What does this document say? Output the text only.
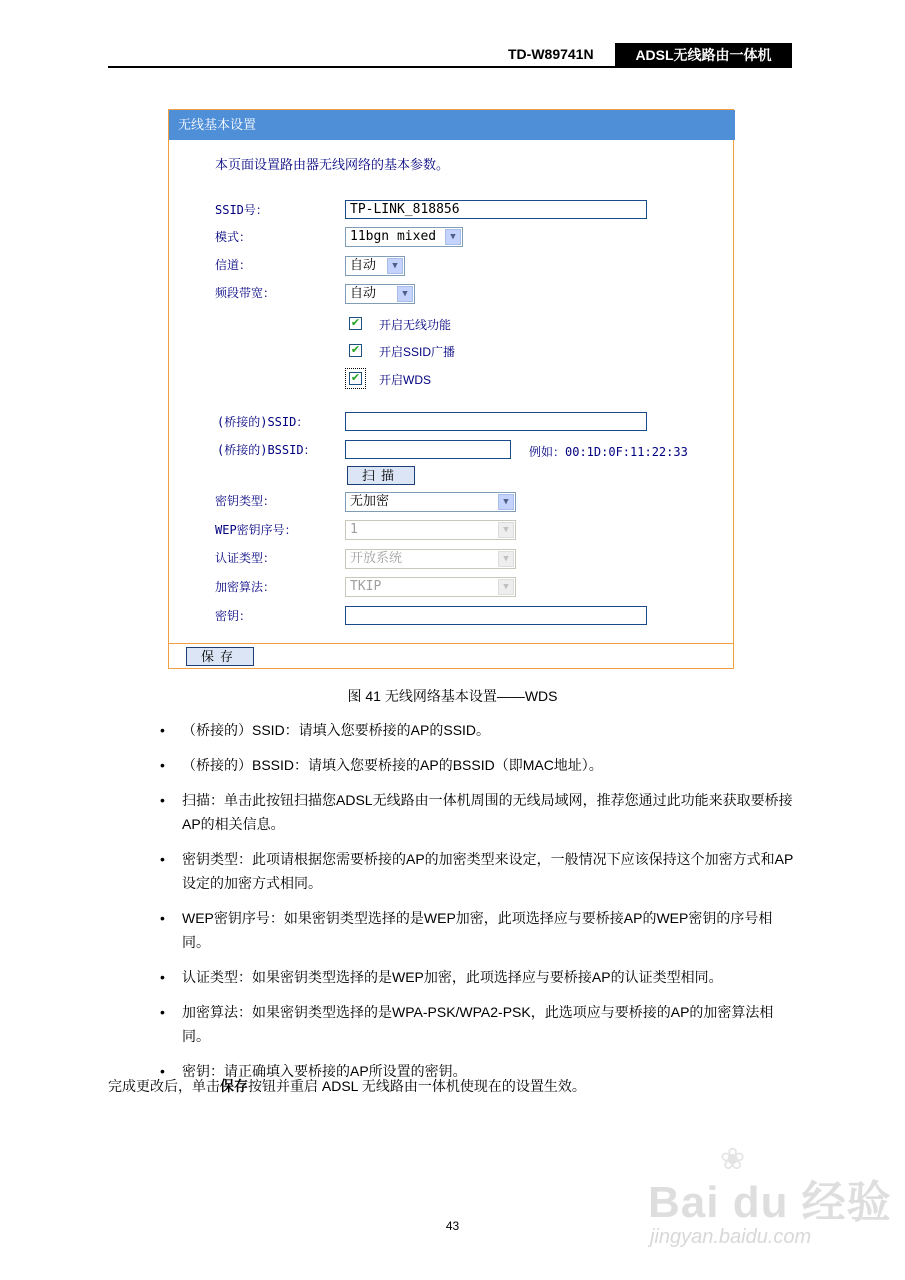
TD-W89741N	ADSL无线路由一体机
无线基本设置
本页面设置路由器无线网络的基本参数。
SSID号：	TP-LINK_818856
模式：	11bgn mixed	▼
信道：	自动	▼
频段带宽：	自动	▼
✔ 开启无线功能
✔ 开启SSID广播
✔ 开启WDS
(桥接的)SSID：
(桥接的)BSSID：	例如：00:1D:0F:11:22:33
扫描
密钥类型：	无加密	▼
WEP密钥序号：	1	▼
认证类型：	开放系统	▼
加密算法：	TKIP	▼
密钥：
保存
图 41 无线网络基本设置——WDS
• （桥接的）SSID：请填入您要桥接的AP的SSID。
• （桥接的）BSSID：请填入您要桥接的AP的BSSID（即MAC地址）。
• 扫描：单击此按钮扫描您ADSL无线路由一体机周围的无线局域网，推荐您通过此功能来获取要桥接AP的相关信息。
• 密钥类型：此项请根据您需要桥接的AP的加密类型来设定，一般情况下应该保持这个加密方式和AP设定的加密方式相同。
• WEP密钥序号：如果密钥类型选择的是WEP加密，此项选择应与要桥接AP的WEP密钥的序号相同。
• 认证类型：如果密钥类型选择的是WEP加密，此项选择应与要桥接AP的认证类型相同。
• 加密算法：如果密钥类型选择的是WPA-PSK/WPA2-PSK，此选项应与要桥接的AP的加密算法相同。
• 密钥：请正确填入要桥接的AP所设置的密钥。
完成更改后，单击保存按钮并重启 ADSL 无线路由一体机使现在的设置生效。
43
❀
Bai du 经验
jingyan.baidu.com
